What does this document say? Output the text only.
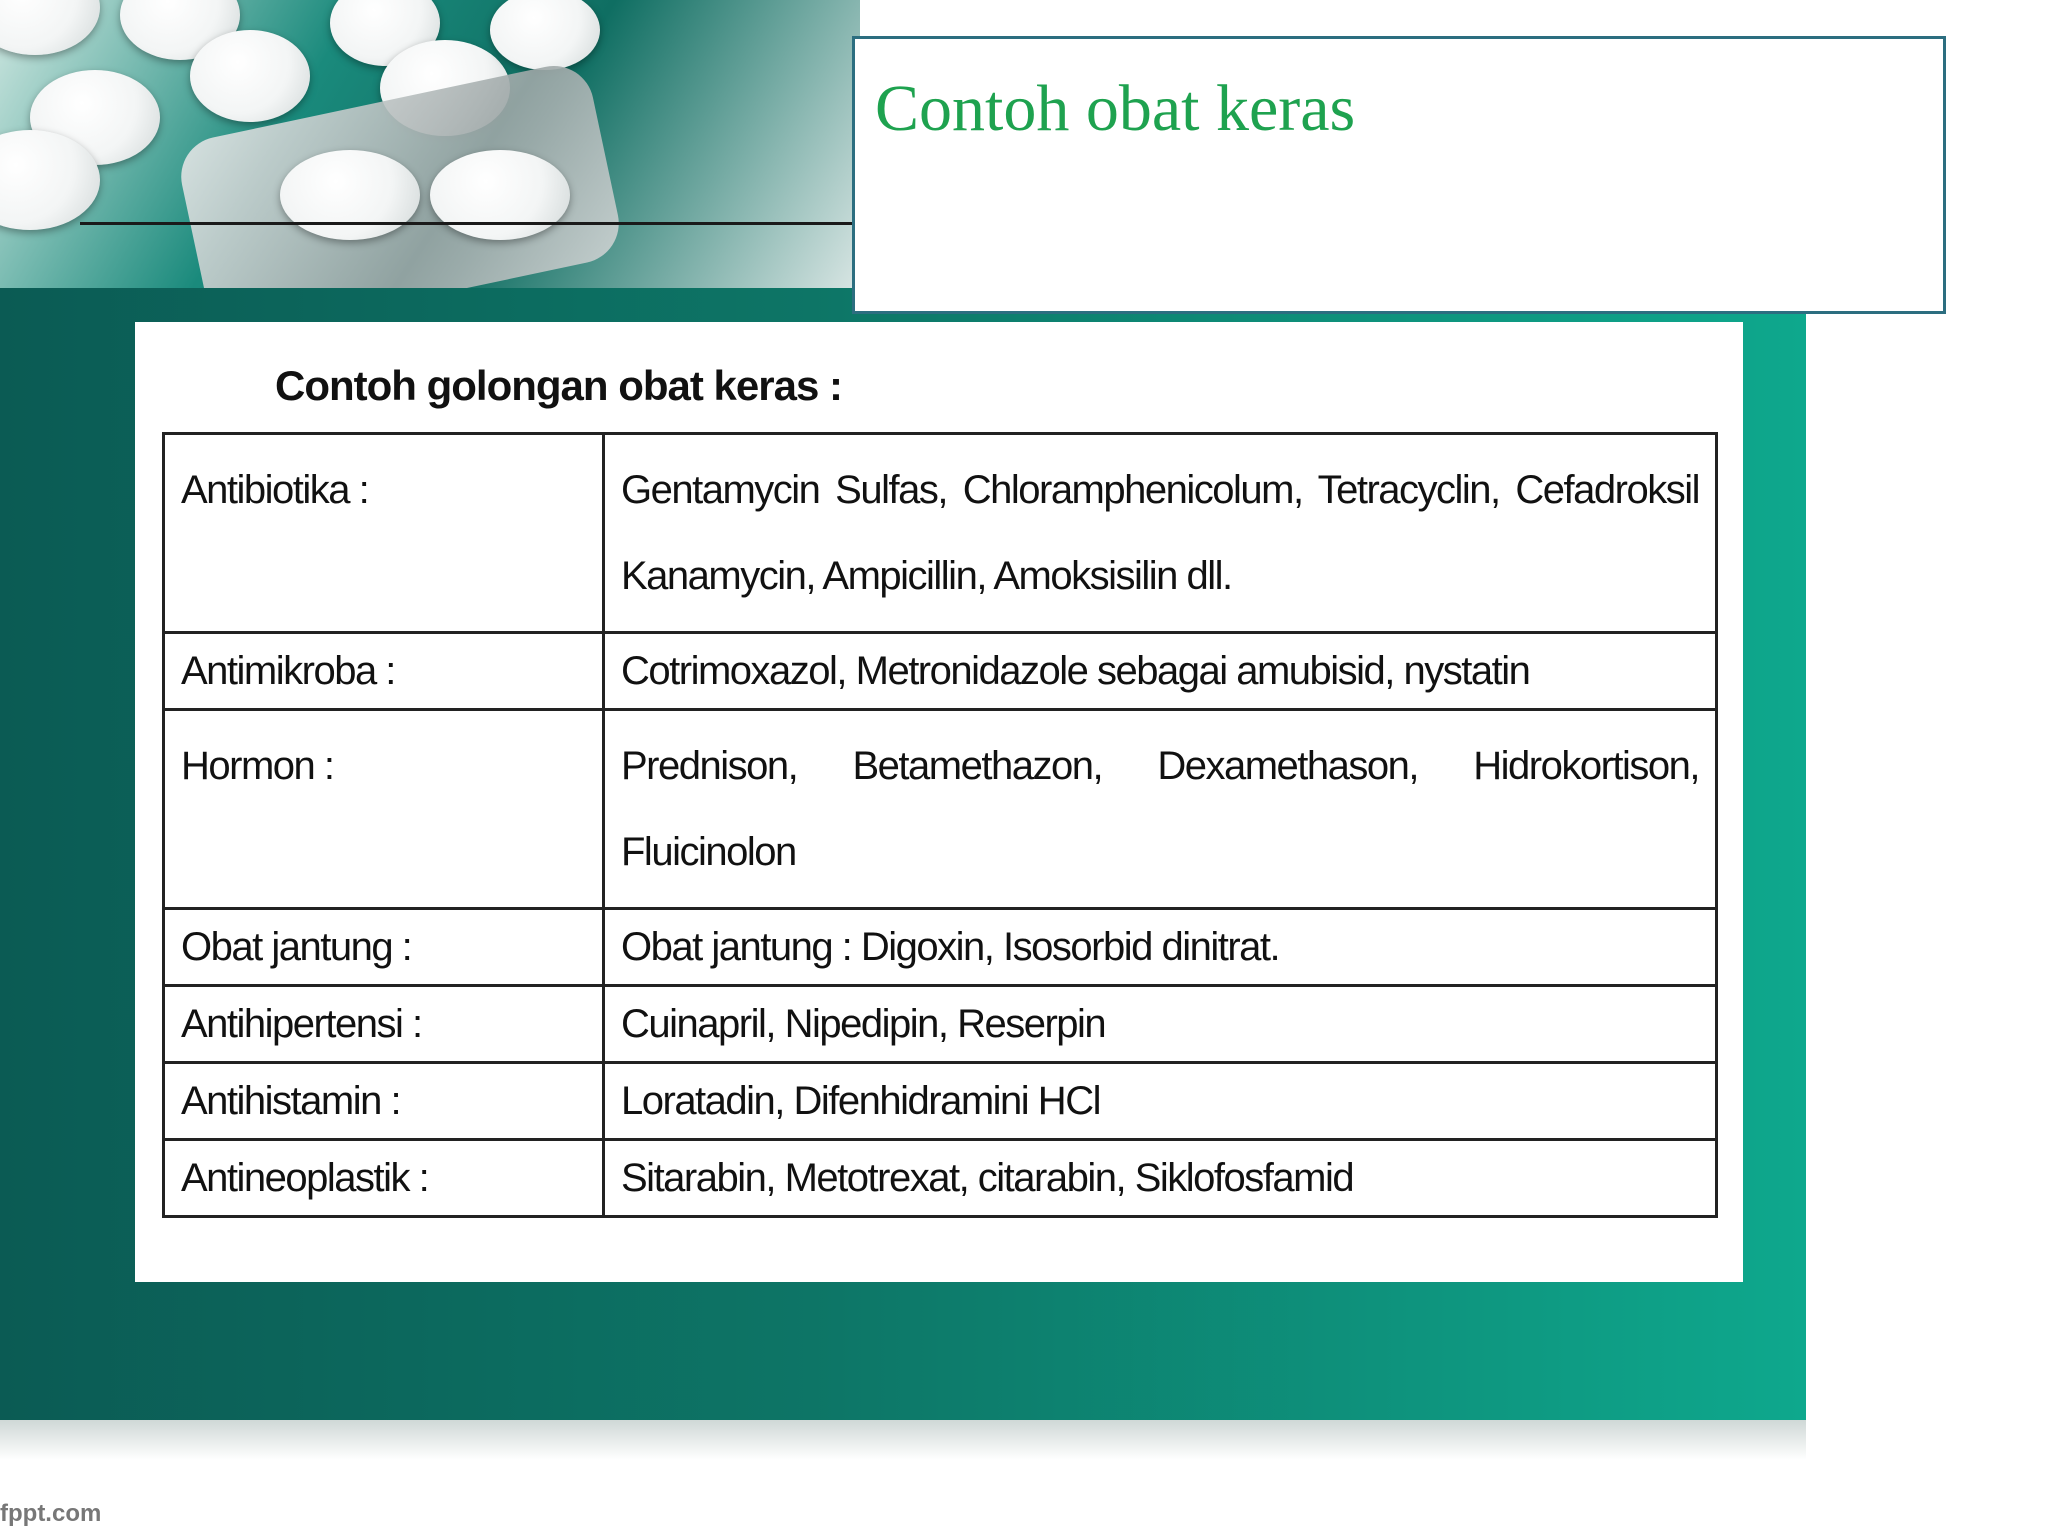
Contoh obat keras
Contoh golongan obat keras :
Antibiotika :	Gentamycin Sulfas, Chloramphenicolum, Tetracyclin, Cefadroksil Kanamycin, Ampicillin, Amoksisilin dll.
Antimikroba :	Cotrimoxazol, Metronidazole sebagai amubisid, nystatin
Hormon :	Prednison, Betamethazon, Dexamethason, Hidrokortison, Fluicinolon
Obat jantung :	Obat jantung : Digoxin, Isosorbid dinitrat.
Antihipertensi :	Cuinapril, Nipedipin, Reserpin
Antihistamin :	Loratadin, Difenhidramini HCl
Antineoplastik :	Sitarabin, Metotrexat, citarabin, Siklofosfamid
fppt.com
